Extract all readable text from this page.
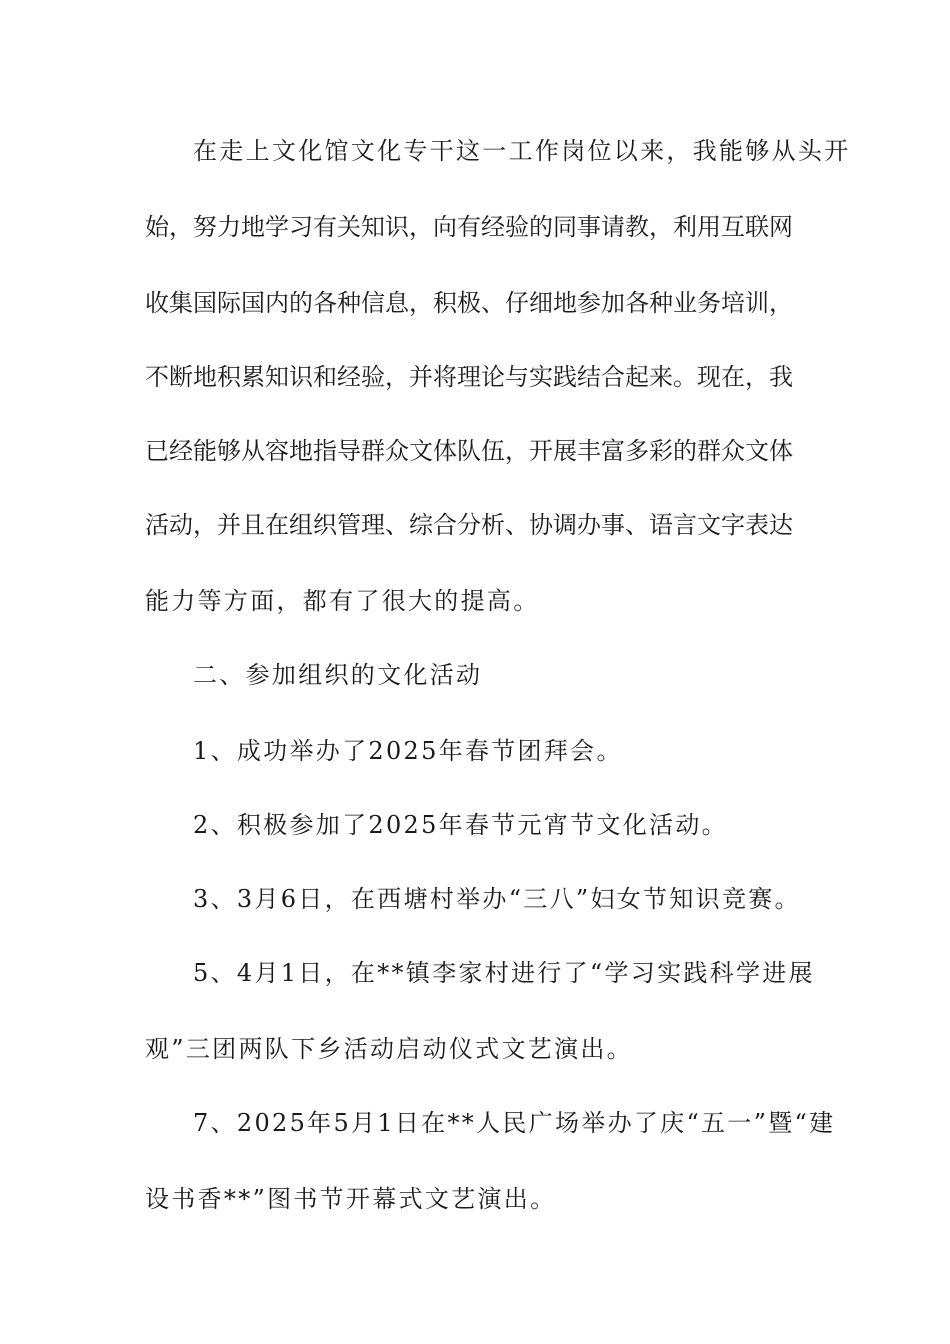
在走上文化馆文化专干这一工作岗位以来，我能够从头开
始，努力地学习有关知识，向有经验的同事请教，利用互联网
收集国际国内的各种信息，积极、仔细地参加各种业务培训，
不断地积累知识和经验，并将理论与实践结合起来。现在，我
已经能够从容地指导群众文体队伍，开展丰富多彩的群众文体
活动，并且在组织管理、综合分析、协调办事、语言文字表达
能力等方面，都有了很大的提高。
二、参加组织的文化活动
1、成功举办了2025年春节团拜会。
2、积极参加了2025年春节元宵节文化活动。
3、3月6日，在西塘村举办“三八”妇女节知识竞赛。
5、4月1日，在**镇李家村进行了“学习实践科学进展
观”三团两队下乡活动启动仪式文艺演出。
7、2025年5月1日在**人民广场举办了庆“五一”暨“建
设书香**”图书节开幕式文艺演出。
